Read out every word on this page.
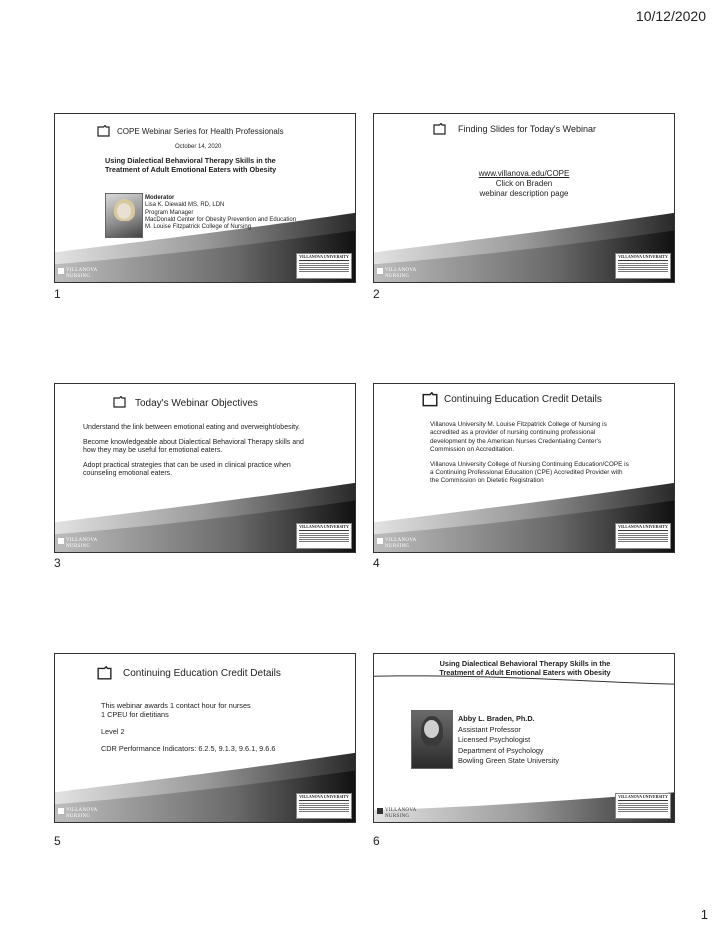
10/12/2020
COPE Webinar Series for Health Professionals
October 14, 2020
Using Dialectical Behavioral Therapy Skills in the
Treatment of Adult Emotional Eaters with Obesity
Moderator
Lisa K. Diewald MS, RD, LDN
Program Manager
MacDonald Center for Obesity Prevention and Education
M. Louise Fitzpatrick College of Nursing
VILLANOVA
NURSING
VILLANOVA UNIVERSITY
1
Finding Slides for Today's Webinar
www.villanova.edu/COPE
Click on Braden
webinar description page
VILLANOVA
NURSING
VILLANOVA UNIVERSITY
2
Today's Webinar Objectives

Understand the link between emotional eating and overweight/obesity.

Become knowledgeable about Dialectical Behavioral Therapy skills and how they may be useful for emotional eaters.

Adopt practical strategies that can be used in clinical practice when counseling emotional eaters.

VILLANOVA
NURSING
VILLANOVA UNIVERSITY
3
Continuing Education Credit Details

Villanova University M. Louise Fitzpatrick College of Nursing is accredited as a provider of nursing continuing professional development by the American Nurses Credentialing Center's Commission on Accreditation.

Villanova University College of Nursing Continuing Education/COPE is a Continuing Professional Education (CPE) Accredited Provider with the Commission on Dietetic Registration

VILLANOVA
NURSING
VILLANOVA UNIVERSITY
4
Continuing Education Credit Details
This webinar awards 1 contact hour for nurses
1 CPEU for dietitians
Level 2
CDR Performance Indicators: 6.2.5, 9.1.3, 9.6.1, 9.6.6
VILLANOVA
NURSING
VILLANOVA UNIVERSITY
5
Using Dialectical Behavioral Therapy Skills in the
Treatment of Adult Emotional Eaters with Obesity
Abby L. Braden, Ph.D.
Assistant Professor
Licensed Psychologist
Department of Psychology
Bowling Green State University
VILLANOVA
NURSING
VILLANOVA UNIVERSITY
6
1
